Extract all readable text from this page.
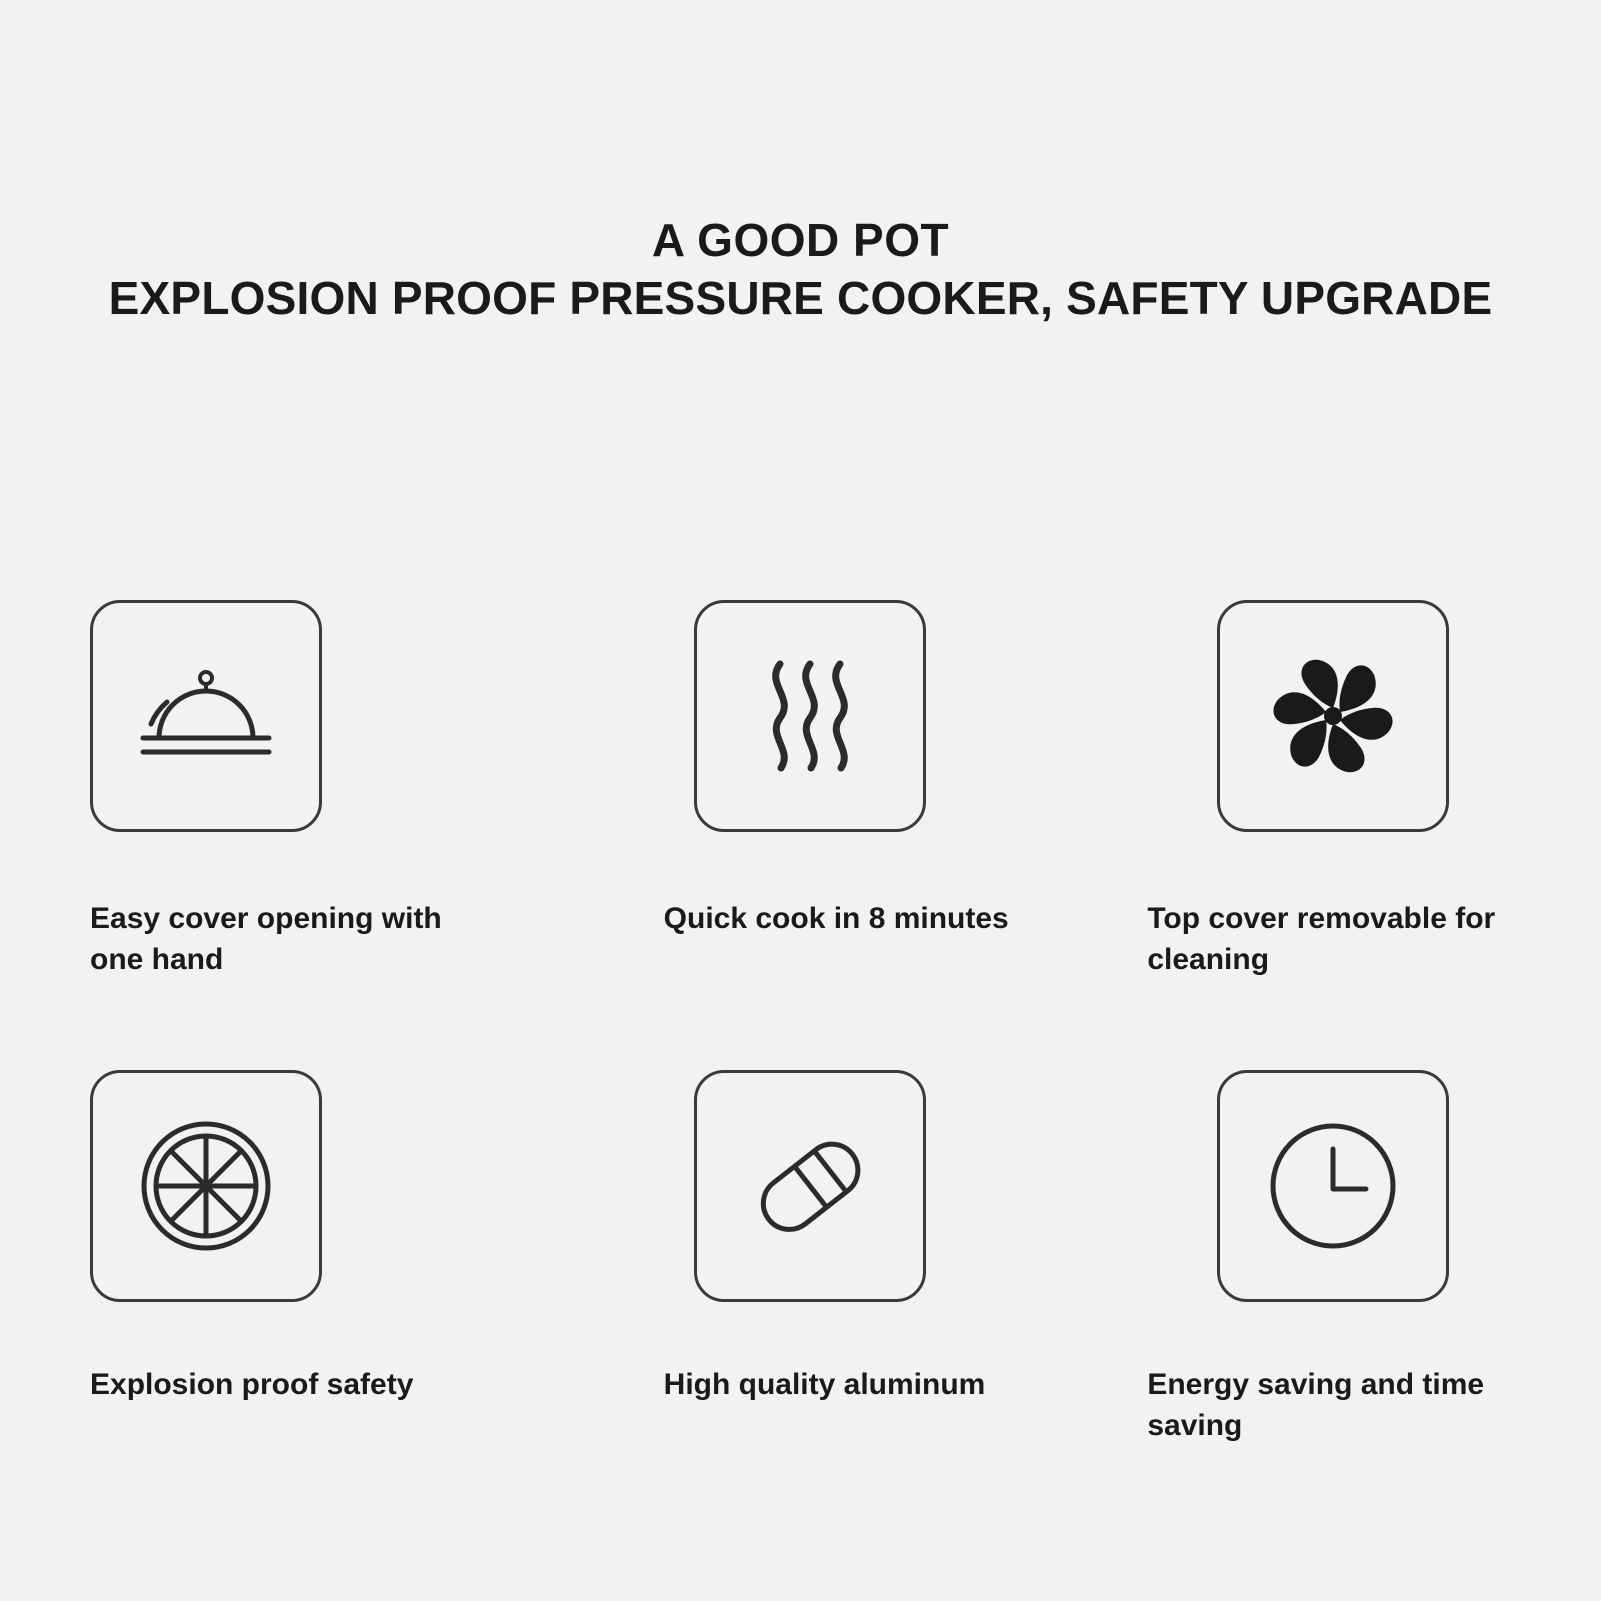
A GOOD POT
EXPLOSION PROOF PRESSURE COOKER, SAFETY UPGRADE
Easy cover opening with one hand
Quick cook in 8 minutes	Top cover removable for cleaning
Explosion proof safety	High quality aluminum	Energy saving and time saving
